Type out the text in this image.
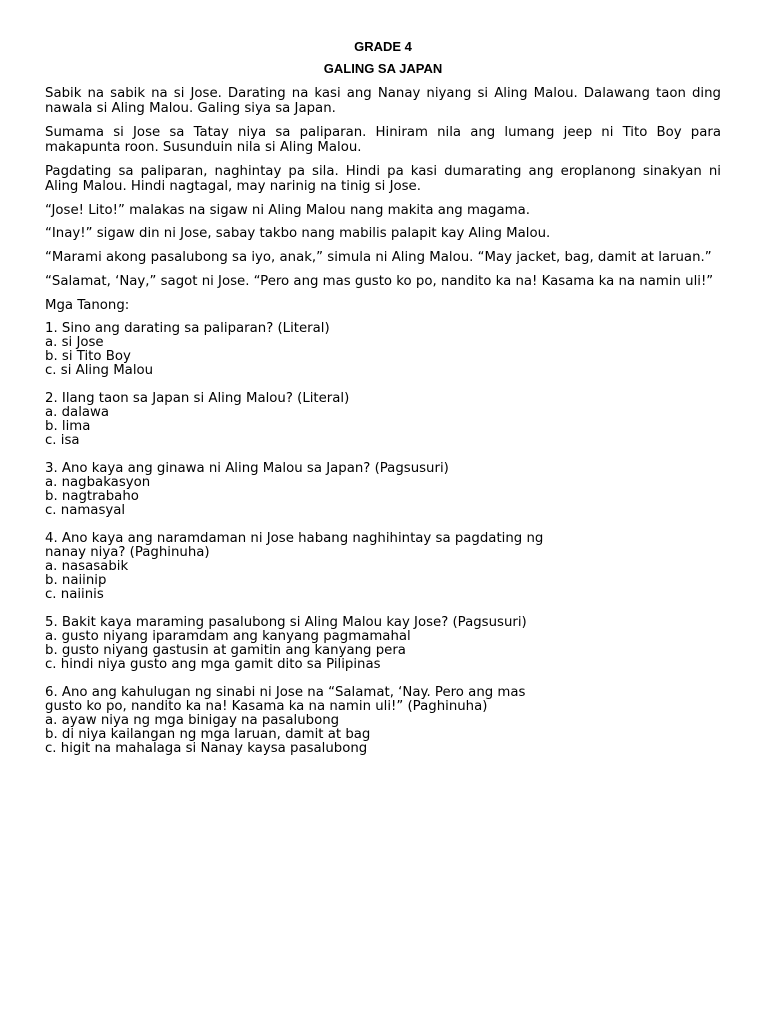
GRADE 4

GALING SA JAPAN

Sabik na sabik na si Jose. Darating na kasi ang Nanay niyang si Aling Malou. Dalawang taon ding nawala si Aling Malou. Galing siya sa Japan.

Sumama si Jose sa Tatay niya sa paliparan. Hiniram nila ang lumang jeep ni Tito Boy para makapunta roon. Susunduin nila si Aling Malou.

Pagdating sa paliparan, naghintay pa sila. Hindi pa kasi dumarating ang eroplanong sinakyan ni Aling Malou. Hindi nagtagal, may narinig na tinig si Jose.

“Jose! Lito!” malakas na sigaw ni Aling Malou nang makita ang magama.

“Inay!” sigaw din ni Jose, sabay takbo nang mabilis palapit kay Aling Malou.

“Marami akong pasalubong sa iyo, anak,” simula ni Aling Malou. “May jacket, bag, damit at laruan.”

“Salamat, ‘Nay,” sagot ni Jose. “Pero ang mas gusto ko po, nandito ka na! Kasama ka na namin uli!”

Mga Tanong:

1. Sino ang darating sa paliparan? (Literal)
a. si Jose
b. si Tito Boy
c. si Aling Malou
2. Ilang taon sa Japan si Aling Malou? (Literal)
a. dalawa
b. lima
c. isa
3. Ano kaya ang ginawa ni Aling Malou sa Japan? (Pagsusuri)
a. nagbakasyon
b. nagtrabaho
c. namasyal
4. Ano kaya ang naramdaman ni Jose habang naghihintay sa pagdating ng
nanay niya? (Paghinuha)
a. nasasabik
b. naiinip
c. naiinis
5. Bakit kaya maraming pasalubong si Aling Malou kay Jose? (Pagsusuri)
a. gusto niyang iparamdam ang kanyang pagmamahal
b. gusto niyang gastusin at gamitin ang kanyang pera
c. hindi niya gusto ang mga gamit dito sa Pilipinas
6. Ano ang kahulugan ng sinabi ni Jose na “Salamat, ‘Nay. Pero ang mas
gusto ko po, nandito ka na! Kasama ka na namin uli!” (Paghinuha)
a. ayaw niya ng mga binigay na pasalubong
b. di niya kailangan ng mga laruan, damit at bag
c. higit na mahalaga si Nanay kaysa pasalubong
